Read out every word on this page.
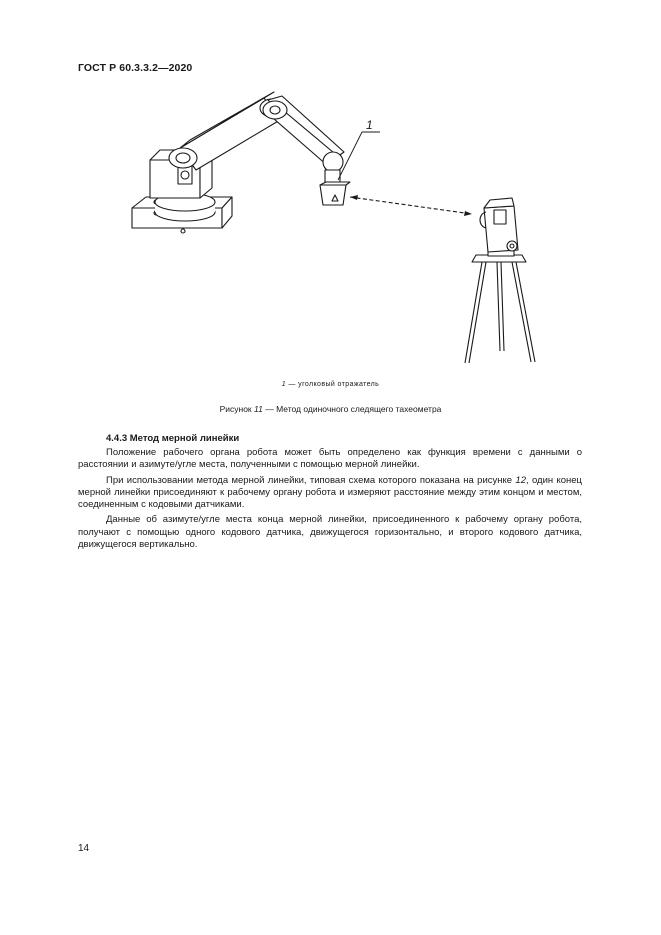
ГОСТ Р 60.3.3.2—2020
1
1 — уголковый отражатель
Рисунок 11 — Метод одиночного следящего тахеометра
4.4.3 Метод мерной линейки

Положение рабочего органа робота может быть определено как функция времени с данными о расстоянии и азимуте/угле места, полученными с помощью мерной линейки.

При использовании метода мерной линейки, типовая схема которого показана на рисунке 12, один конец мерной линейки присоединяют к рабочему органу робота и измеряют расстояние между этим концом и местом, соединенным с кодовыми датчиками.

Данные об азимуте/угле места конца мерной линейки, присоединенного к рабочему органу робота, получают с помощью одного кодового датчика, движущегося горизонтально, и второго кодового датчика, движущегося вертикально.

14
